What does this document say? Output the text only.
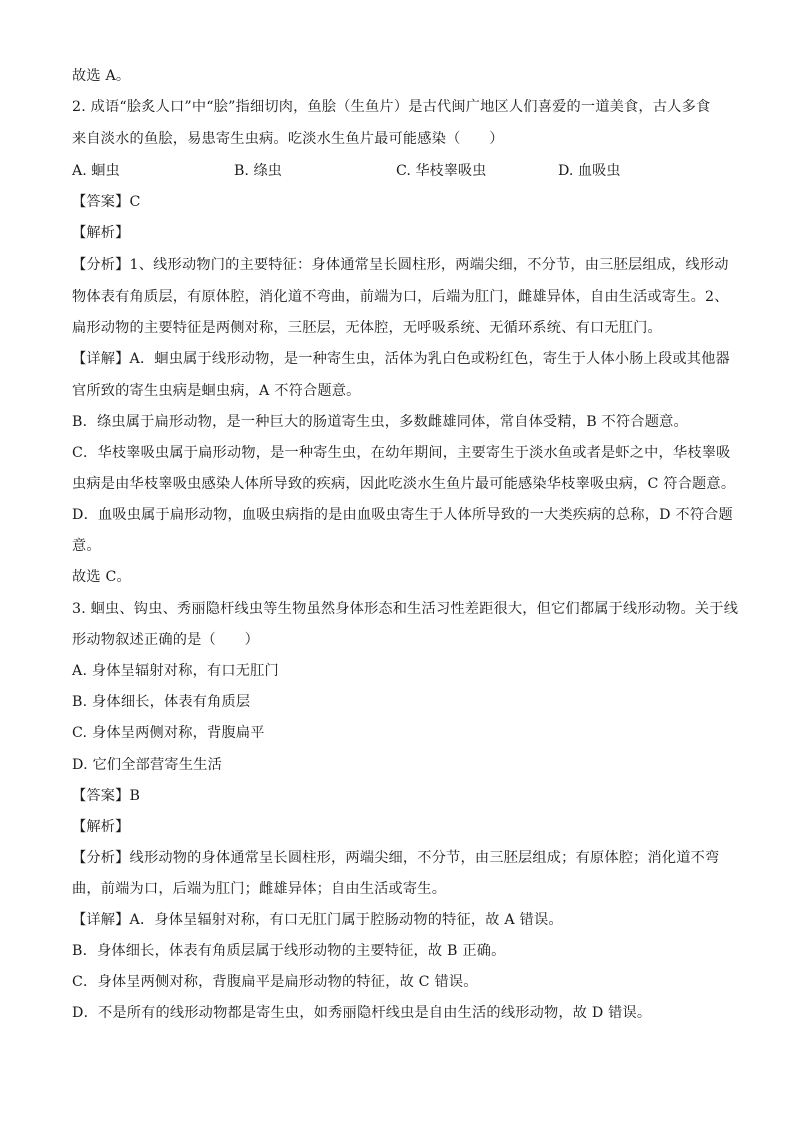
故选 A。
2. 成语“脍炙人口”中“脍”指细切肉，鱼脍（生鱼片）是古代闽广地区人们喜爱的一道美食，古人多食
来自淡水的鱼脍，易患寄生虫病。吃淡水生鱼片最可能感染（　　）
A. 蛔虫	B. 绦虫	C. 华枝睾吸虫	D. 血吸虫
【答案】C
【解析】
【分析】1、线形动物门的主要特征：身体通常呈长圆柱形，两端尖细，不分节，由三胚层组成，线形动
物体表有角质层，有原体腔，消化道不弯曲，前端为口，后端为肛门，雌雄异体，自由生活或寄生。2、
扁形动物的主要特征是两侧对称，三胚层，无体腔，无呼吸系统、无循环系统、有口无肛门。
【详解】A．蛔虫属于线形动物，是一种寄生虫，活体为乳白色或粉红色，寄生于人体小肠上段或其他器
官所致的寄生虫病是蛔虫病，A 不符合题意。
B．绦虫属于扁形动物，是一种巨大的肠道寄生虫，多数雌雄同体，常自体受精，B 不符合题意。
C．华枝睾吸虫属于扁形动物，是一种寄生虫，在幼年期间，主要寄生于淡水鱼或者是虾之中，华枝睾吸
虫病是由华枝睾吸虫感染人体所导致的疾病，因此吃淡水生鱼片最可能感染华枝睾吸虫病，C 符合题意。
D．血吸虫属于扁形动物，血吸虫病指的是由血吸虫寄生于人体所导致的一大类疾病的总称，D 不符合题
意。
故选 C。
3. 蛔虫、钩虫、秀丽隐杆线虫等生物虽然身体形态和生活习性差距很大，但它们都属于线形动物。关于线
形动物叙述正确的是（　　）
A. 身体呈辐射对称，有口无肛门
B. 身体细长，体表有角质层
C. 身体呈两侧对称，背腹扁平
D. 它们全部营寄生生活
【答案】B
【解析】
【分析】线形动物的身体通常呈长圆柱形，两端尖细，不分节，由三胚层组成；有原体腔；消化道不弯
曲，前端为口，后端为肛门；雌雄异体；自由生活或寄生。
【详解】A．身体呈辐射对称，有口无肛门属于腔肠动物的特征，故 A 错误。
B．身体细长，体表有角质层属于线形动物的主要特征，故 B 正确。
C．身体呈两侧对称，背腹扁平是扁形动物的特征，故 C 错误。
D．不是所有的线形动物都是寄生虫，如秀丽隐杆线虫是自由生活的线形动物，故 D 错误。
